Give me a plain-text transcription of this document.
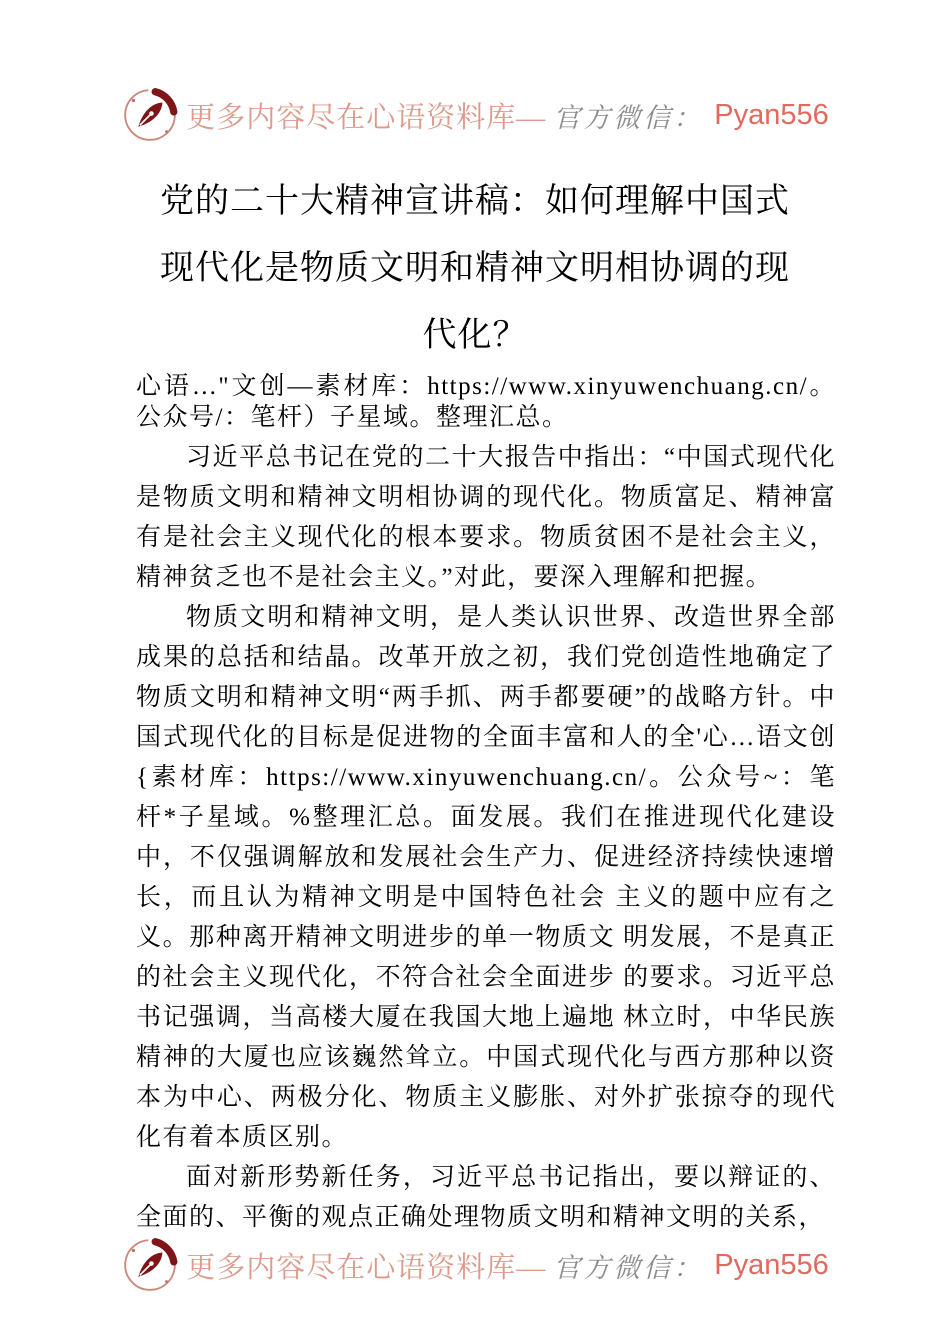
更多内容尽在心语资料库— 官方微信： Pyan556
党的二十大精神宣讲稿：如何理解中国式
现代化是物质文明和精神文明相协调的现
代化？

心语…"文创—素材库：https://www.xinyuwenchuang.cn/。公众号/：笔杆）子星域。整理汇总。

习近平总书记在党的二十大报告中指出：“中国式现代化是物质文明和精神文明相协调的现代化。物质富足、精神富有是社会主义现代化的根本要求。物质贫困不是社会主义，精神贫乏也不是社会主义。”对此，要深入理解和把握。

物质文明和精神文明，是人类认识世界、改造世界全部成果的总括和结晶。改革开放之初，我们党创造性地确定了物质文明和精神文明“两手抓、两手都要硬”的战略方针。中国式现代化的目标是促进物的全面丰富和人的全'心…语文创{素材库：https://www.xinyuwenchuang.cn/。公众号~：笔杆*子星域。%整理汇总。面发展。我们在推进现代化建设中，不仅强调解放和发展社会生产力、促进经济持续快速增长，而且认为精神文明是中国特色社会 主义的题中应有之义。那种离开精神文明进步的单一物质文 明发展，不是真正的社会主义现代化，不符合社会全面进步 的要求。习近平总书记强调，当高楼大厦在我国大地上遍地 林立时，中华民族精神的大厦也应该巍然耸立。中国式现代化与西方那种以资本为中心、两极分化、物质主义膨胀、对外扩张掠夺的现代化有着本质区别。

面对新形势新任务，习近平总书记指出，要以辩证的、全面的、平衡的观点正确处理物质文明和精神文明的关系，

更多内容尽在心语资料库— 官方微信： Pyan556
